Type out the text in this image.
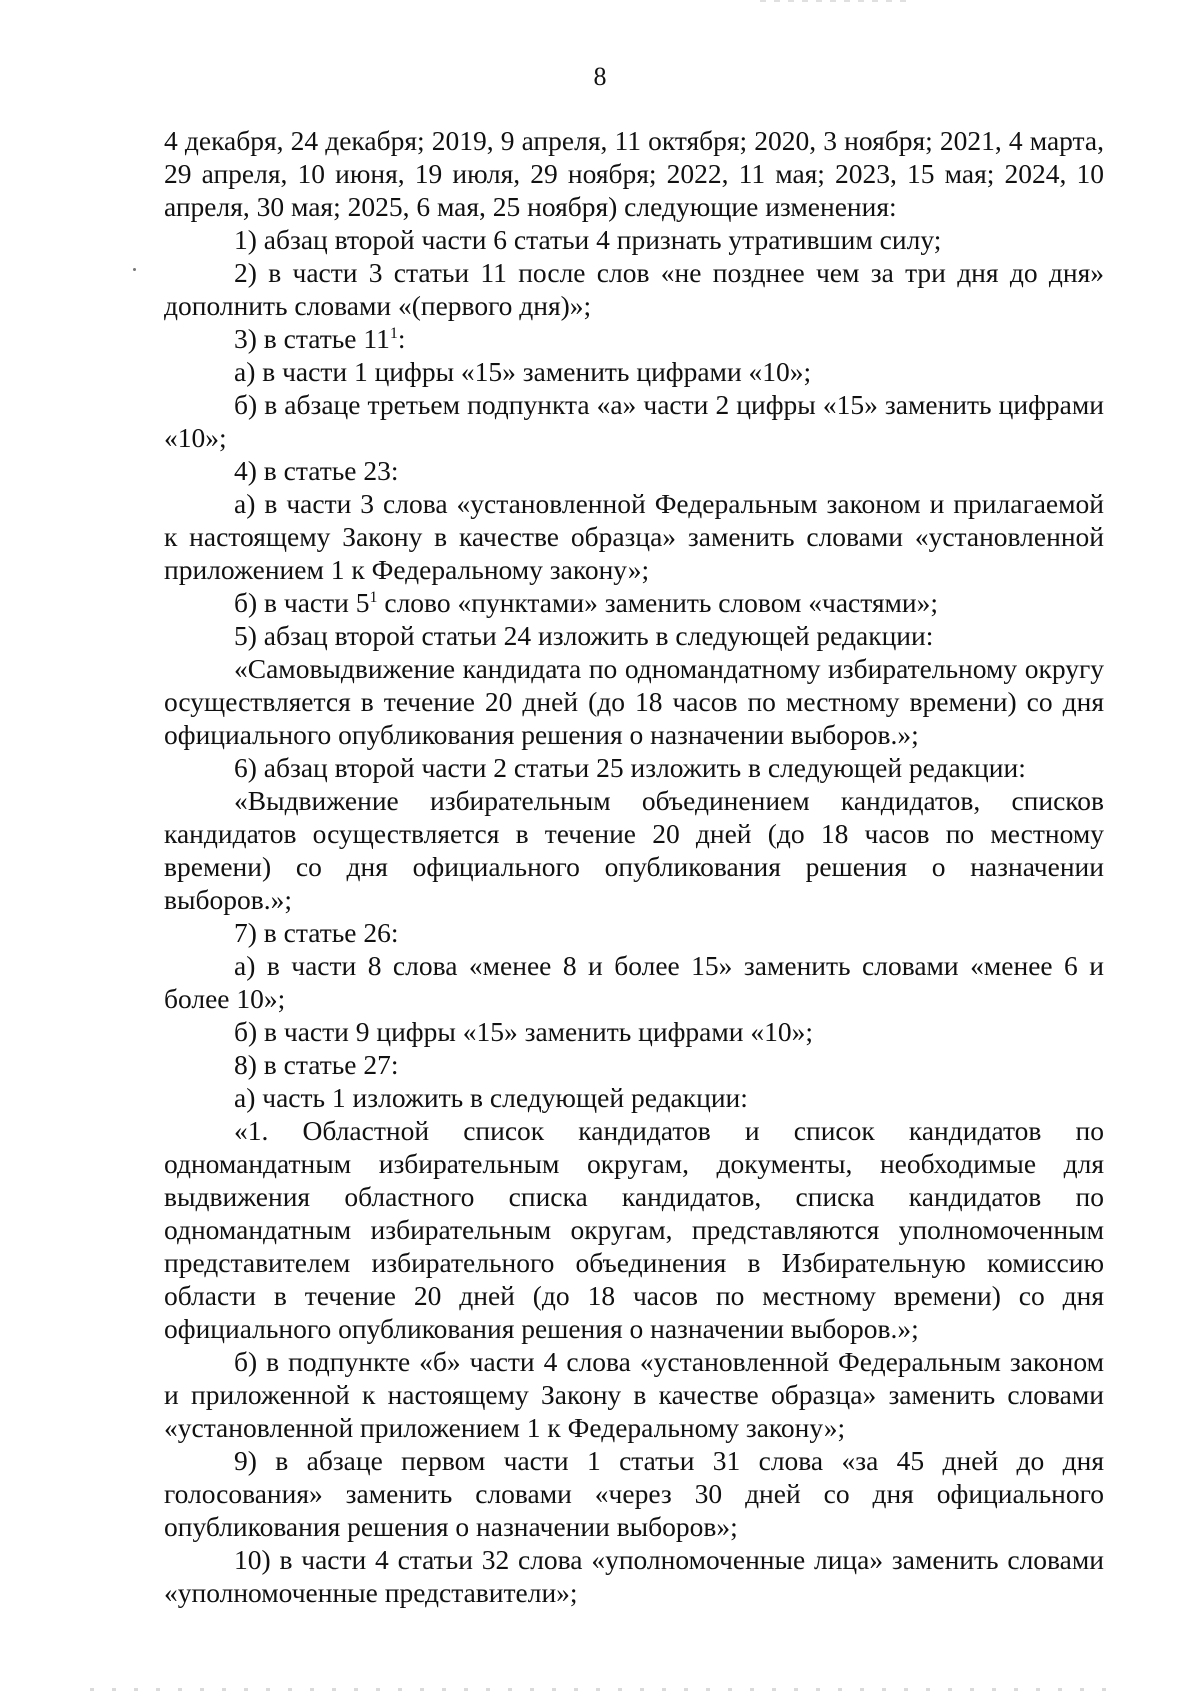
8

4 декабря, 24 декабря; 2019, 9 апреля, 11 октября; 2020, 3 ноября; 2021, 4 марта, 29 апреля, 10 июня, 19 июля, 29 ноября; 2022, 11 мая; 2023, 15 мая; 2024, 10 апреля, 30 мая; 2025, 6 мая, 25 ноября) следующие изменения:

1) абзац второй части 6 статьи 4 признать утратившим силу;

2) в части 3 статьи 11 после слов «не позднее чем за три дня до дня» дополнить словами «(первого дня)»;

3) в статье $11^1$:

а) в части 1 цифры «15» заменить цифрами «10»;

б) в абзаце третьем подпункта «а» части 2 цифры «15» заменить цифрами «10»;

4) в статье 23:

а) в части 3 слова «установленной Федеральным законом и прилагаемой к настоящему Закону в качестве образца» заменить словами «установленной приложением 1 к Федеральному закону»;

б) в части $5^1$ слово «пунктами» заменить словом «частями»;

5) абзац второй статьи 24 изложить в следующей редакции:

«Самовыдвижение кандидата по одномандатному избирательному округу осуществляется в течение 20 дней (до 18 часов по местному времени) со дня официального опубликования решения о назначении выборов.»;

6) абзац второй части 2 статьи 25 изложить в следующей редакции:

«Выдвижение избирательным объединением кандидатов, списков кандидатов осуществляется в течение 20 дней (до 18 часов по местному времени) со дня официального опубликования решения о назначении выборов.»;

7) в статье 26:

а) в части 8 слова «менее 8 и более 15» заменить словами «менее 6 и более 10»;

б) в части 9 цифры «15» заменить цифрами «10»;

8) в статье 27:

а) часть 1 изложить в следующей редакции:

«1. Областной список кандидатов и список кандидатов по одномандатным избирательным округам, документы, необходимые для выдвижения областного списка кандидатов, списка кандидатов по одномандатным избирательным округам, представляются уполномоченным представителем избирательного объединения в Избирательную комиссию области в течение 20 дней (до 18 часов по местному времени) со дня официального опубликования решения о назначении выборов.»;

б) в подпункте «б» части 4 слова «установленной Федеральным законом и приложенной к настоящему Закону в качестве образца» заменить словами «установленной приложением 1 к Федеральному закону»;

9) в абзаце первом части 1 статьи 31 слова «за 45 дней до дня голосования» заменить словами «через 30 дней со дня официального опубликования решения о назначении выборов»;

10) в части 4 статьи 32 слова «уполномоченные лица» заменить словами «уполномоченные представители»;
